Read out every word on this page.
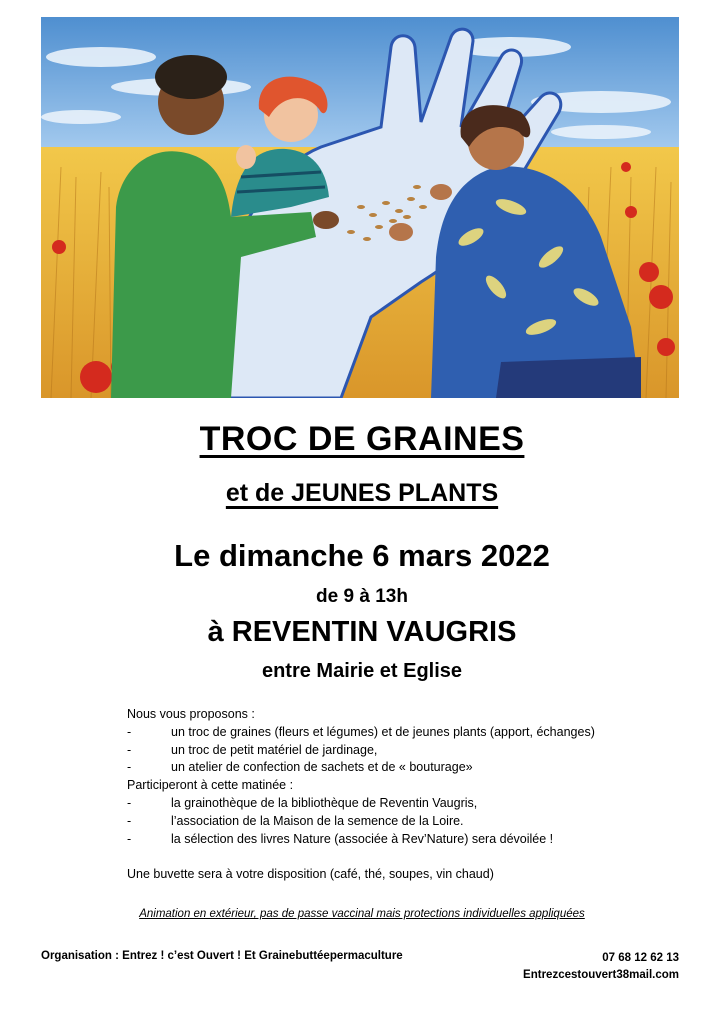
TROC DE GRAINES
et de JEUNES PLANTS
Le dimanche 6 mars 2022
de 9 à 13h
à REVENTIN VAUGRIS
entre Mairie et Eglise
Nous vous proposons :
-	un troc de graines (fleurs et légumes) et de jeunes plants (apport, échanges)
-	un troc de petit matériel de jardinage,
-	un atelier de confection de sachets et de « bouturage»
Participeront à cette matinée :
-	la grainothèque de la bibliothèque de Reventin Vaugris,
-	l’association de la Maison de la semence de la Loire.
-	la sélection des livres Nature (associée à Rev’Nature) sera dévoilée !
Une buvette sera à votre disposition (café, thé, soupes, vin chaud)
Animation en extérieur, pas de passe vaccinal mais protections individuelles appliquées
Organisation : Entrez ! c’est Ouvert ! Et Grainebuttéepermaculture	07 68 12 62 13
Entrezcestouvert38mail.com
